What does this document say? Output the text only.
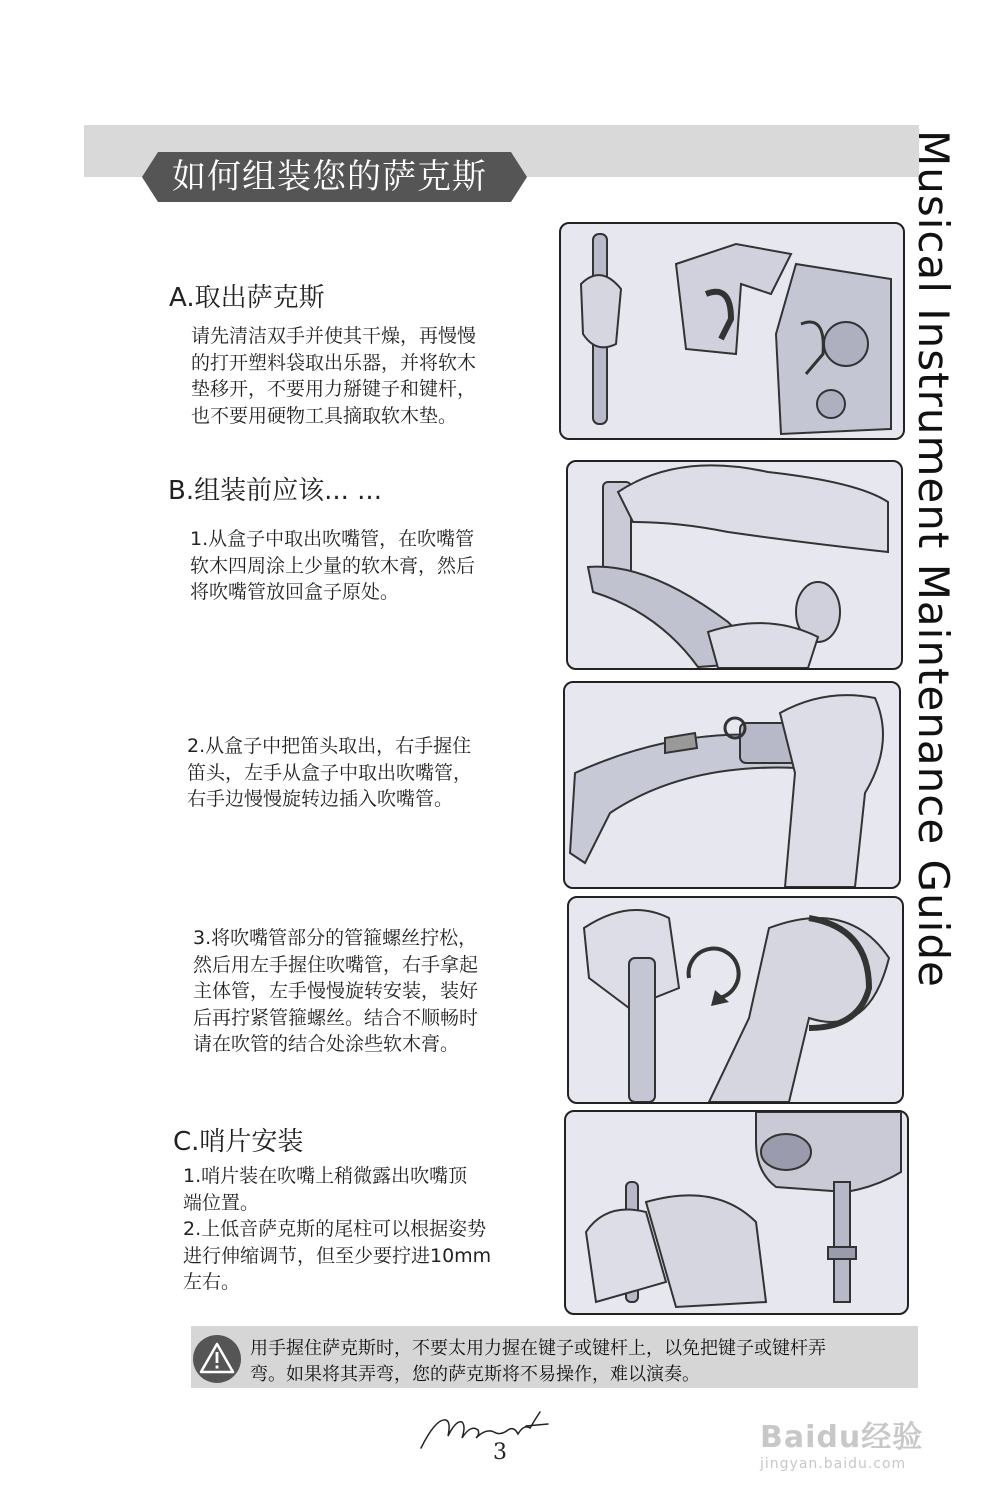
如何组装您的萨克斯	Musical Instrument Maintenance Guide
A.取出萨克斯
请先清洁双手并使其干燥，再慢慢
的打开塑料袋取出乐器，并将软木
垫移开，不要用力掰键子和键杆，
也不要用硬物工具摘取软木垫。
B.组装前应该... ...
1.从盒子中取出吹嘴管，在吹嘴管
软木四周涂上少量的软木膏，然后
将吹嘴管放回盒子原处。
2.从盒子中把笛头取出，右手握住
笛头，左手从盒子中取出吹嘴管，
右手边慢慢旋转边插入吹嘴管。
3.将吹嘴管部分的管箍螺丝拧松，
然后用左手握住吹嘴管，右手拿起
主体管，左手慢慢旋转安装，装好
后再拧紧管箍螺丝。结合不顺畅时
请在吹管的结合处涂些软木膏。
C.哨片安装
1.哨片装在吹嘴上稍微露出吹嘴顶
端位置。
2.上低音萨克斯的尾柱可以根据姿势
进行伸缩调节，但至少要拧进10mm
左右。
用手握住萨克斯时，不要太用力握在键子或键杆上，以免把键子或键杆弄
弯。如果将其弄弯，您的萨克斯将不易操作，难以演奏。
3	Baidu经验
jingyan.baidu.com
